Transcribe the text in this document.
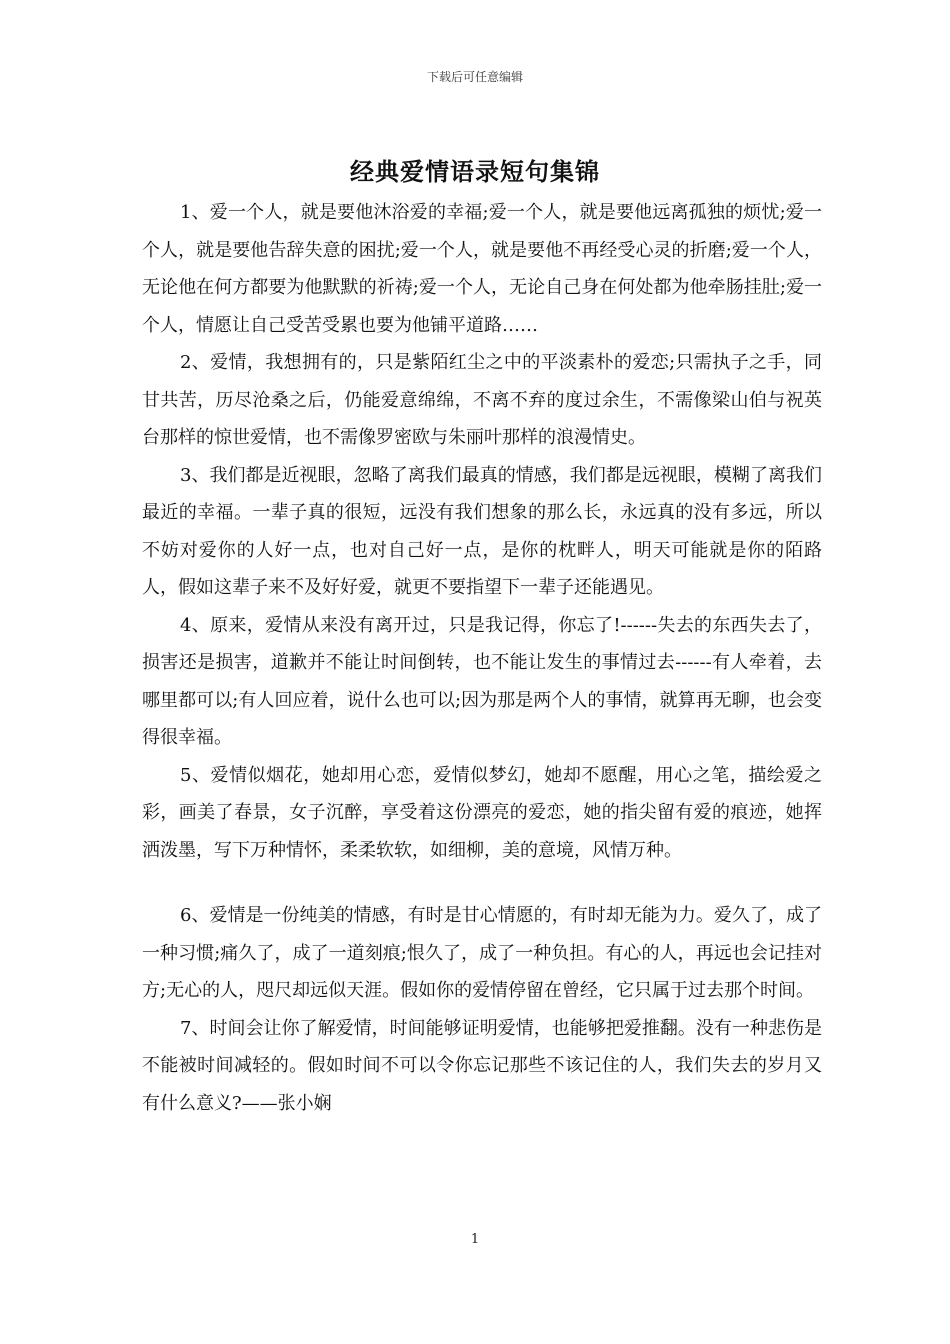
下载后可任意编辑
经典爱情语录短句集锦

1、爱一个人，就是要他沐浴爱的幸福;爱一个人，就是要他远离孤独的烦忧;爱一个人，就是要他告辞失意的困扰;爱一个人，就是要他不再经受心灵的折磨;爱一个人，无论他在何方都要为他默默的祈祷;爱一个人，无论自己身在何处都为他牵肠挂肚;爱一个人，情愿让自己受苦受累也要为他铺平道路……

2、爱情，我想拥有的，只是紫陌红尘之中的平淡素朴的爱恋;只需执子之手，同甘共苦，历尽沧桑之后，仍能爱意绵绵，不离不弃的度过余生，不需像梁山伯与祝英台那样的惊世爱情，也不需像罗密欧与朱丽叶那样的浪漫情史。

3、我们都是近视眼，忽略了离我们最真的情感，我们都是远视眼，模糊了离我们最近的幸福。一辈子真的很短，远没有我们想象的那么长，永远真的没有多远，所以不妨对爱你的人好一点，也对自己好一点，是你的枕畔人，明天可能就是你的陌路人，假如这辈子来不及好好爱，就更不要指望下一辈子还能遇见。

4、原来，爱情从来没有离开过，只是我记得，你忘了!------失去的东西失去了，损害还是损害，道歉并不能让时间倒转，也不能让发生的事情过去------有人牵着，去哪里都可以;有人回应着，说什么也可以;因为那是两个人的事情，就算再无聊，也会变得很幸福。

5、爱情似烟花，她却用心恋，爱情似梦幻，她却不愿醒，用心之笔，描绘爱之彩，画美了春景，女子沉醉，享受着这份漂亮的爱恋，她的指尖留有爱的痕迹，她挥洒泼墨，写下万种情怀，柔柔软软，如细柳，美的意境，风情万种。

6、爱情是一份纯美的情感，有时是甘心情愿的，有时却无能为力。爱久了，成了一种习惯;痛久了，成了一道刻痕;恨久了，成了一种负担。有心的人，再远也会记挂对方;无心的人，咫尺却远似天涯。假如你的爱情停留在曾经，它只属于过去那个时间。

7、时间会让你了解爱情，时间能够证明爱情，也能够把爱推翻。没有一种悲伤是不能被时间减轻的。假如时间不可以令你忘记那些不该记住的人，我们失去的岁月又有什么意义?——张小娴

1
